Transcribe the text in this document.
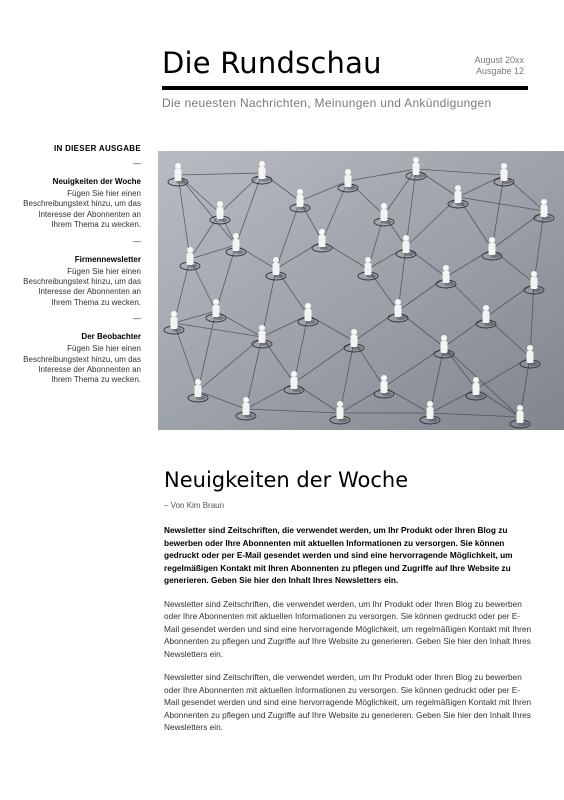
Die Rundschau	August 20xx
Ausgabe 12
Die neuesten Nachrichten, Meinungen und Ankündigungen

IN DIESER AUSGABE

—

Neuigkeiten der Woche

Fügen Sie hier einen Beschreibungstext hinzu, um das Interesse der Abonnenten an Ihrem Thema zu wecken.

—

Firmennewsletter

Fügen Sie hier einen Beschreibungstext hinzu, um das Interesse der Abonnenten an Ihrem Thema zu wecken.

—

Der Beobachter

Fügen Sie hier einen Beschreibungstext hinzu, um das Interesse der Abonnenten an Ihrem Thema zu wecken.

Neuigkeiten der Woche

– Von Kim Braun

Newsletter sind Zeitschriften, die verwendet werden, um Ihr Produkt oder Ihren Blog zu bewerben oder Ihre Abonnenten mit aktuellen Informationen zu versorgen. Sie können gedruckt oder per E-Mail gesendet werden und sind eine hervorragende Möglichkeit, um regelmäßigen Kontakt mit Ihren Abonnenten zu pflegen und Zugriffe auf Ihre Website zu generieren. Geben Sie hier den Inhalt Ihres Newsletters ein.

Newsletter sind Zeitschriften, die verwendet werden, um Ihr Produkt oder Ihren Blog zu bewerben oder Ihre Abonnenten mit aktuellen Informationen zu versorgen. Sie können gedruckt oder per E-Mail gesendet werden und sind eine hervorragende Möglichkeit, um regelmäßigen Kontakt mit Ihren Abonnenten zu pflegen und Zugriffe auf Ihre Website zu generieren. Geben Sie hier den Inhalt Ihres Newsletters ein.

Newsletter sind Zeitschriften, die verwendet werden, um Ihr Produkt oder Ihren Blog zu bewerben oder Ihre Abonnenten mit aktuellen Informationen zu versorgen. Sie können gedruckt oder per E-Mail gesendet werden und sind eine hervorragende Möglichkeit, um regelmäßigen Kontakt mit Ihren Abonnenten zu pflegen und Zugriffe auf Ihre Website zu generieren. Geben Sie hier den Inhalt Ihres Newsletters ein.
